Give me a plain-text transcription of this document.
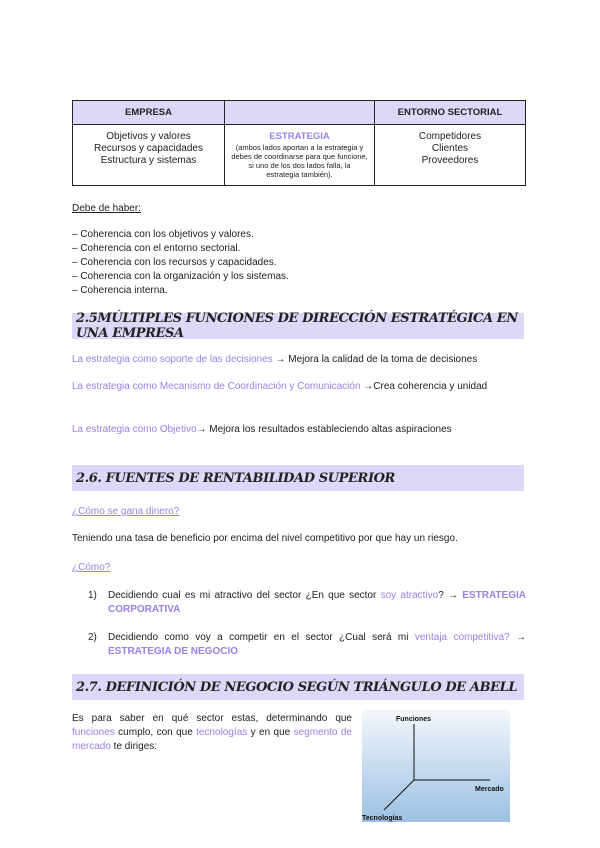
EMPRESA	ENTORNO SECTORIAL
Objetivos y valores
Recursos y capacidades
Estructura y sistemas
ESTRATEGIA
(ambos lados aportan a la estrategia y debes de coordinarse para que funcione, si uno de los dos lados falla, la estrategia también).
Competidores
Clientes
Proveedores
Debe de haber:
– Coherencia con los objetivos y valores.
– Coherencia con el entorno sectorial.
– Coherencia con los recursos y capacidades.
– Coherencia con la organización y los sistemas.
– Coherencia interna.
2.5MÚLTIPLES FUNCIONES DE DIRECCIÓN ESTRATÉGICA EN UNA EMPRESA
La estrategia como soporte de las decisiones → Mejora la calidad de la toma de decisiones
La estrategia como Mecanismo de Coordinación y Comunicación →Crea coherencia y unidad
La estrategia como Objetivo→ Mejora los resultados estableciendo altas aspiraciones
2.6. FUENTES DE RENTABILIDAD SUPERIOR
¿Cómo se gana dinero?
Teniendo una tasa de beneficio por encima del nivel competitivo por que hay un riesgo.
¿Cómo?
1) Decidiendo cual es mi atractivo del sector ¿En que sector soy atractivo? → ESTRATEGIA CORPORATIVA
2) Decidiendo como voy a competir en el sector ¿Cual será mi ventaja competitiva? → ESTRATEGIA DE NEGOCIO
2.7. DEFINICIÓN DE NEGOCIO SEGÚN TRIÁNGULO DE ABELL
Es para saber en qué sector estas, determinando que funciones cumplo, con que tecnologías y en que segmento de mercado te diriges:
Funciones
Mercado
Tecnologías
